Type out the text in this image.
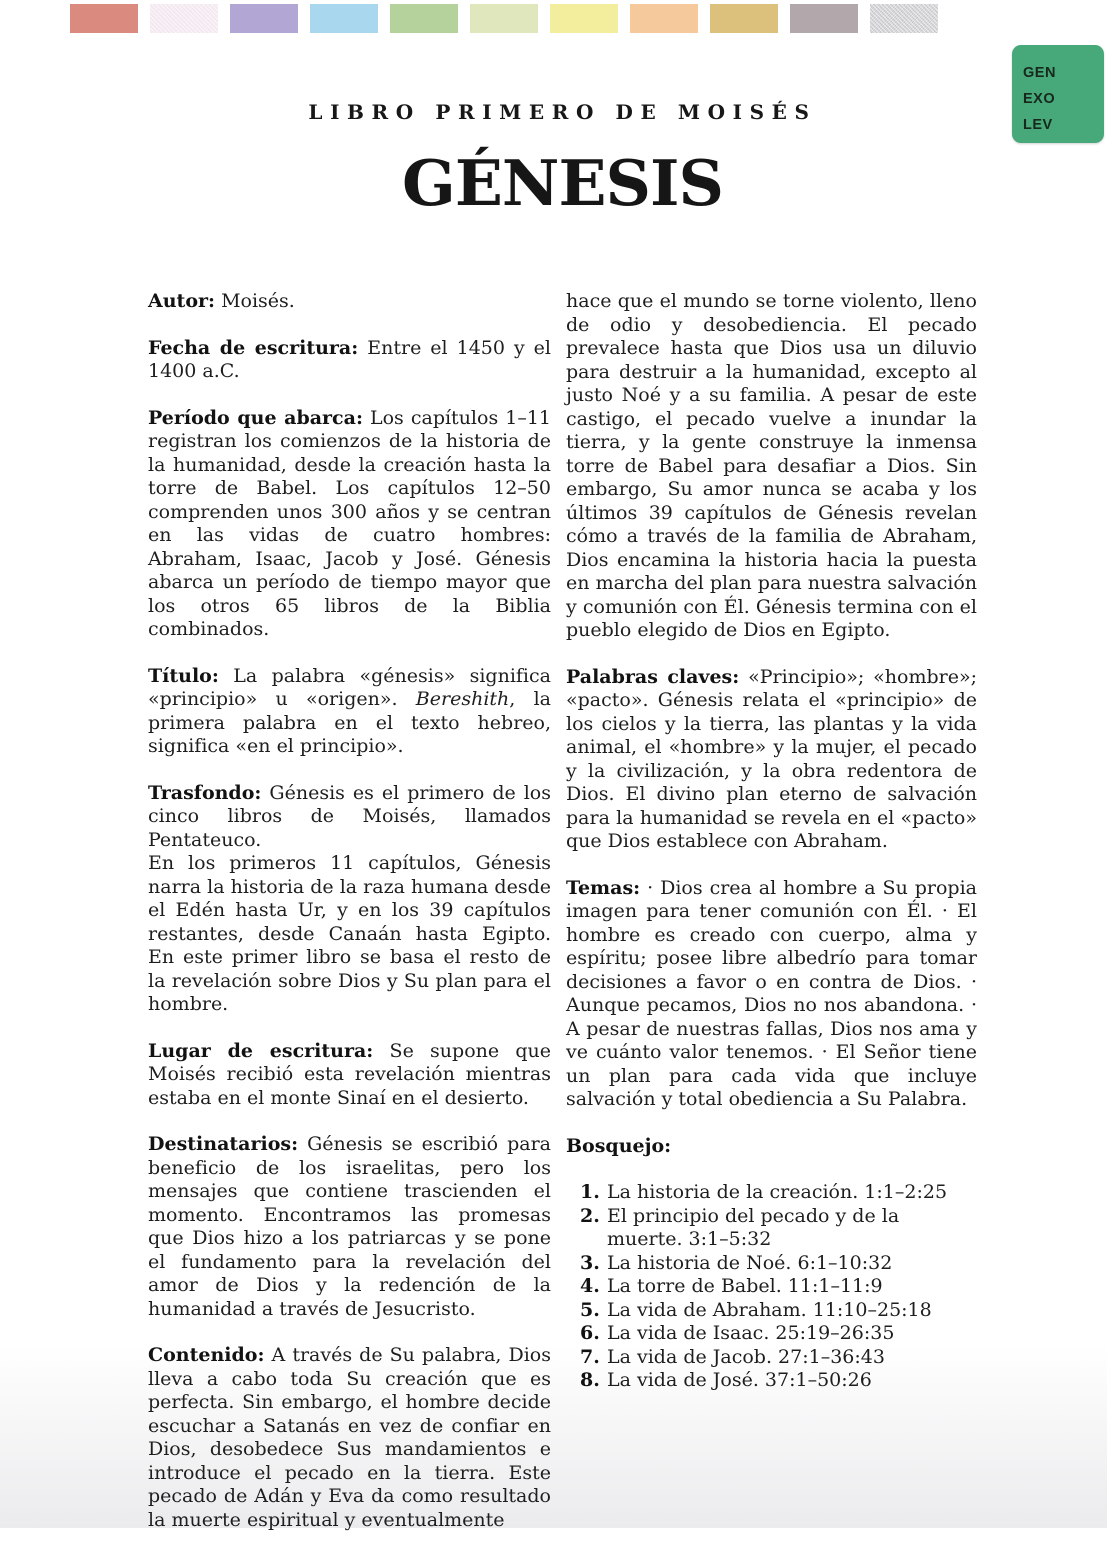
GEN
EXO
LEV
LIBRO PRIMERO DE MOISÉS
GÉNESIS

Autor: Moisés.

Fecha de escritura: Entre el 1450 y el 1400 a.C.

Período que abarca: Los capítulos 1–11 registran los comienzos de la historia de la humanidad, desde la creación hasta la torre de Babel. Los capítulos 12–50 comprenden unos 300 años y se centran en las vidas de cuatro hombres: Abraham, Isaac, Jacob y José. Génesis abarca un período de tiempo mayor que los otros 65 libros de la Biblia combinados.

Título: La palabra «génesis» significa «principio» u «origen». Bereshith, la primera palabra en el texto hebreo, significa «en el principio».

Trasfondo: Génesis es el primero de los cinco libros de Moisés, llamados Pentateuco.
En los primeros 11 capítulos, Génesis narra la historia de la raza humana desde el Edén hasta Ur, y en los 39 capítulos restantes, desde Canaán hasta Egipto. En este primer libro se basa el resto de la revelación sobre Dios y Su plan para el hombre.

Lugar de escritura: Se supone que Moisés recibió esta revelación mientras estaba en el monte Sinaí en el desierto.

Destinatarios: Génesis se escribió para beneficio de los israelitas, pero los mensajes que contiene trascienden el momento. Encontramos las promesas que Dios hizo a los patriarcas y se pone el fundamento para la revelación del amor de Dios y la redención de la humanidad a través de Jesucristo.

Contenido: A través de Su palabra, Dios lleva a cabo toda Su creación que es perfecta. Sin embargo, el hombre decide escuchar a Satanás en vez de confiar en Dios, desobedece Sus mandamientos e introduce el pecado en la tierra. Este pecado de Adán y Eva da como resultado la muerte espiritual y eventualmente

hace que el mundo se torne violento, lleno de odio y desobediencia. El pecado prevalece hasta que Dios usa un diluvio para destruir a la humanidad, excepto al justo Noé y a su familia. A pesar de este castigo, el pecado vuelve a inundar la tierra, y la gente construye la inmensa torre de Babel para desafiar a Dios. Sin embargo, Su amor nunca se acaba y los últimos 39 capítulos de Génesis revelan cómo a través de la familia de Abraham, Dios encamina la historia hacia la puesta en marcha del plan para nuestra salvación y comunión con Él. Génesis termina con el pueblo elegido de Dios en Egipto.

Palabras claves: «Principio»; «hombre»; «pacto». Génesis relata el «principio» de los cielos y la tierra, las plantas y la vida animal, el «hombre» y la mujer, el pecado y la civilización, y la obra redentora de Dios. El divino plan eterno de salvación para la humanidad se revela en el «pacto» que Dios establece con Abraham.

Temas: · Dios crea al hombre a Su propia imagen para tener comunión con Él. · El hombre es creado con cuerpo, alma y espíritu; posee libre albedrío para tomar decisiones a favor o en contra de Dios. · Aunque pecamos, Dios no nos abandona. · A pesar de nuestras fallas, Dios nos ama y ve cuánto valor tenemos. · El Señor tiene un plan para cada vida que incluye salvación y total obediencia a Su Palabra.

Bosquejo:

1. La historia de la creación. 1:1–2:25
2. El principio del pecado y de la muerte. 3:1–5:32
3. La historia de Noé. 6:1–10:32
4. La torre de Babel. 11:1–11:9
5. La vida de Abraham. 11:10–25:18
6. La vida de Isaac. 25:19–26:35
7. La vida de Jacob. 27:1–36:43
8. La vida de José. 37:1–50:26
